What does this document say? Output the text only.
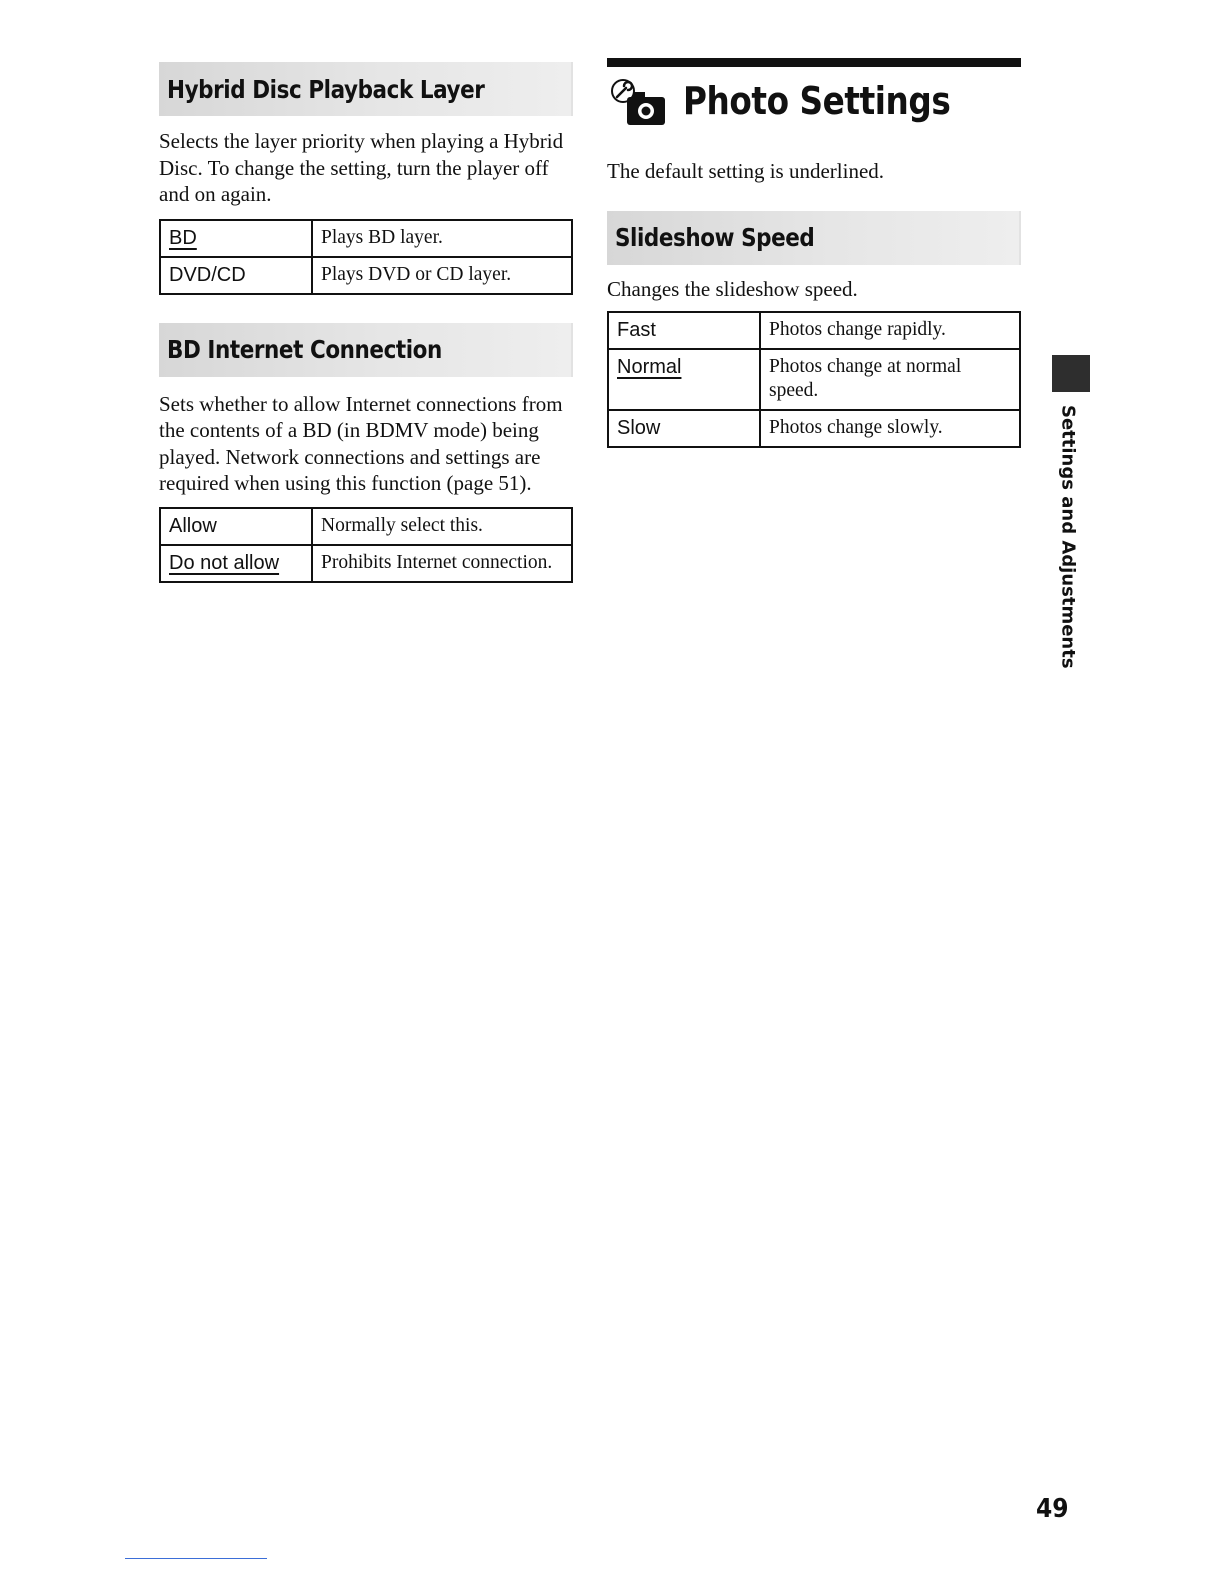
Hybrid Disc Playback Layer

Selects the layer priority when playing a Hybrid Disc. To change the setting, turn the player off and on again.

BD	Plays BD layer.
DVD/CD	Plays DVD or CD layer.
BD Internet Connection

Sets whether to allow Internet connections from the contents of a BD (in BDMV mode) being played. Network connections and settings are required when using this function (page 51).

Allow	Normally select this.
Do not allow	Prohibits Internet connection.
Photo Settings

The default setting is underlined.

Slideshow Speed

Changes the slideshow speed.

Fast	Photos change rapidly.
Normal	Photos change at normal speed.
Slow	Photos change slowly.	Settings and Adjustments
49
